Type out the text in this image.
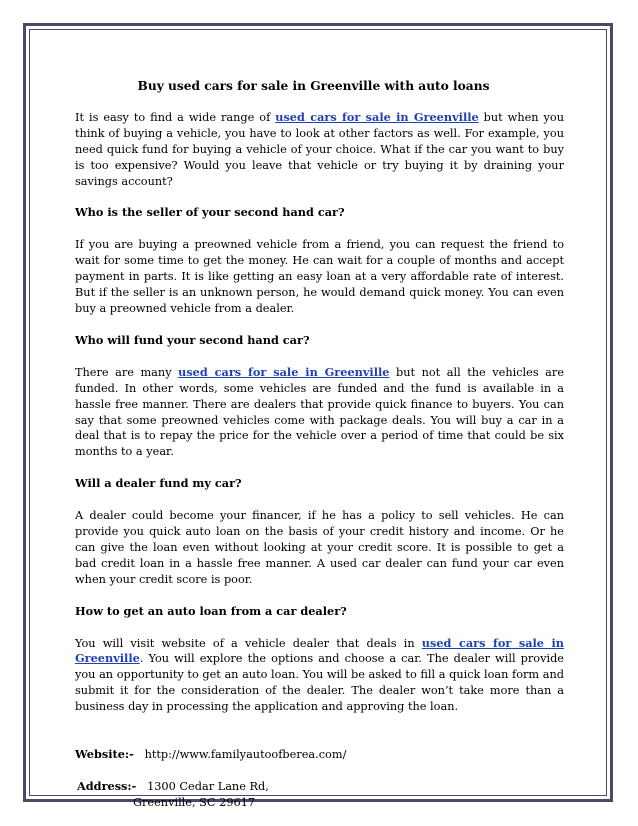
Buy used cars for sale in Greenville with auto loans

It is easy to find a wide range of used cars for sale in Greenville but when you think of buying a vehicle, you have to look at other factors as well. For example, you need quick fund for buying a vehicle of your choice. What if the car you want to buy is too expensive? Would you leave that vehicle or try buying it by draining your savings account?

Who is the seller of your second hand car?

If you are buying a preowned vehicle from a friend, you can request the friend to wait for some time to get the money. He can wait for a couple of months and accept payment in parts. It is like getting an easy loan at a very affordable rate of interest. But if the seller is an unknown person, he would demand quick money. You can even buy a preowned vehicle from a dealer.

Who will fund your second hand car?

There are many used cars for sale in Greenville but not all the vehicles are funded. In other words, some vehicles are funded and the fund is available in a hassle free manner. There are dealers that provide quick finance to buyers. You can say that some preowned vehicles come with package deals. You will buy a car in a deal that is to repay the price for the vehicle over a period of time that could be six months to a year.

Will a dealer fund my car?

A dealer could become your financer, if he has a policy to sell vehicles. He can provide you quick auto loan on the basis of your credit history and income. Or he can give the loan even without looking at your credit score. It is possible to get a bad credit loan in a hassle free manner. A used car dealer can fund your car even when your credit score is poor.

How to get an auto loan from a car dealer?

You will visit website of a vehicle dealer that deals in used cars for sale in Greenville. You will explore the options and choose a car. The dealer will provide you an opportunity to get an auto loan. You will be asked to fill a quick loan form and submit it for the consideration of the dealer. The dealer won’t take more than a business day in processing the application and approving the loan.

Website:- http://www.familyautoofberea.com/

Address:- 1300 Cedar Lane Rd,
Greenville, SC 29617
